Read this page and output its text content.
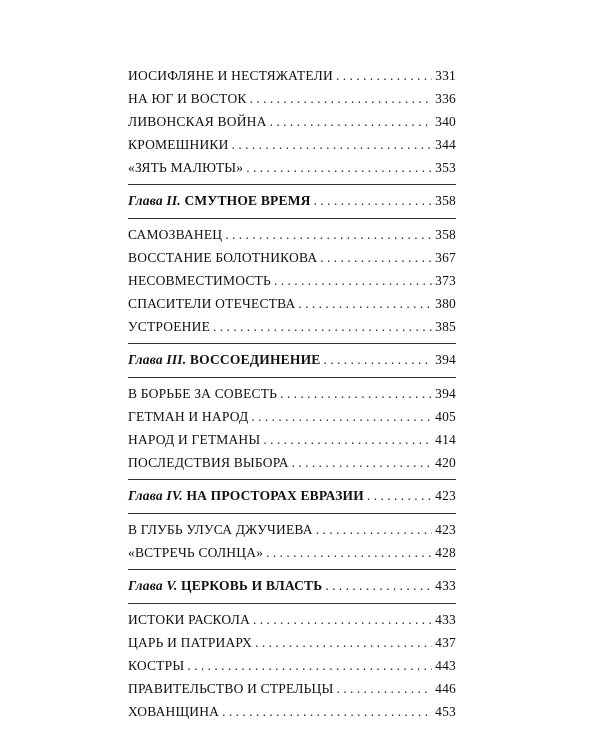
ИОСИФЛЯНЕ И НЕСТЯЖАТЕЛИ . . .	331
НА ЮГ И ВОСТОК . . .	336
ЛИВОНСКАЯ ВОЙНА . . .	340
КРОМЕШНИКИ . . .	344
«ЗЯТЬ МАЛЮТЫ» . . .	353
Глава II. СМУТНОЕ ВРЕМЯ . . .	358
САМОЗВАНЕЦ . . .	358
ВОССТАНИЕ БОЛОТНИКОВА . . .	367
НЕСОВМЕСТИМОСТЬ . . .	373
СПАСИТЕЛИ ОТЕЧЕСТВА . . .	380
УСТРОЕНИЕ . . .	385
Глава III. ВОССОЕДИНЕНИЕ . . .	394
В БОРЬБЕ ЗА СОВЕСТЬ . . .	394
ГЕТМАН И НАРОД . . .	405
НАРОД И ГЕТМАНЫ . . .	414
ПОСЛЕДСТВИЯ ВЫБОРА . . .	420
Глава IV. НА ПРОСТОРАХ ЕВРАЗИИ . . .	423
В ГЛУБЬ УЛУСА ДЖУЧИЕВА . . .	423
«ВСТРЕЧЬ СОЛНЦА» . . .	428
Глава V. ЦЕРКОВЬ И ВЛАСТЬ . . .	433
ИСТОКИ РАСКОЛА . . .	433
ЦАРЬ И ПАТРИАРХ . . .	437
КОСТРЫ . . .	443
ПРАВИТЕЛЬСТВО И СТРЕЛЬЦЫ . . .	446
ХОВАНЩИНА . . .	453
